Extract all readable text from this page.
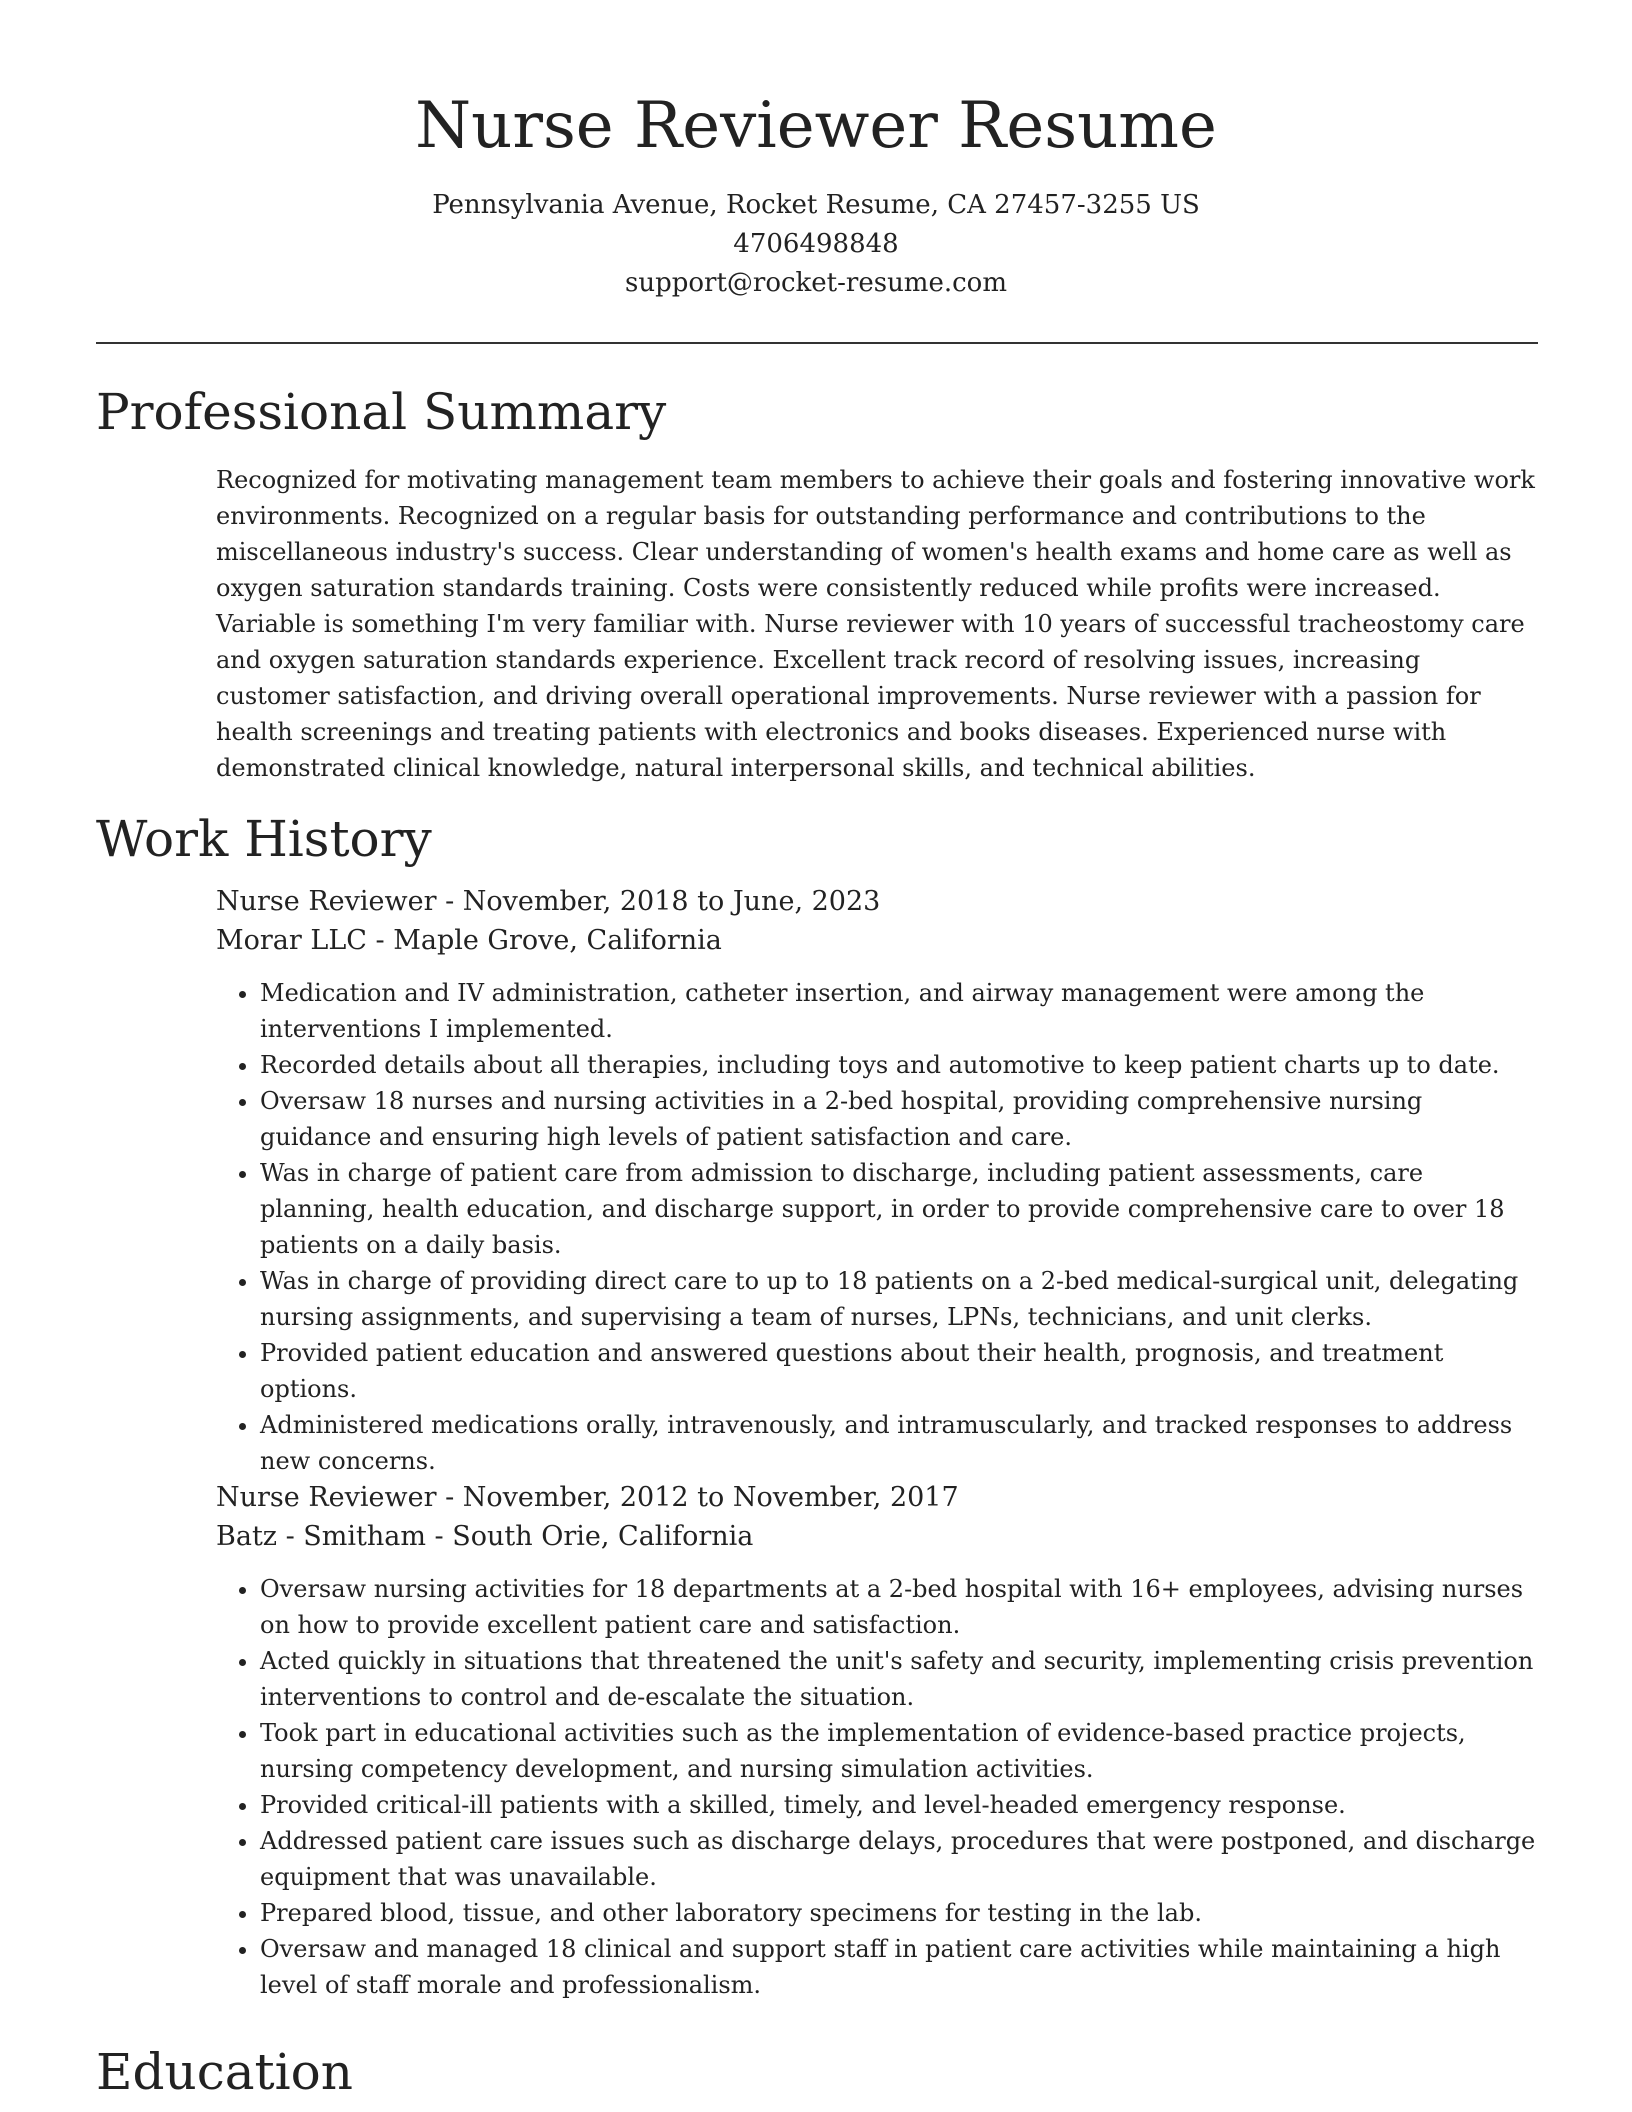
Nurse Reviewer Resume
Pennsylvania Avenue, Rocket Resume, CA 27457-3255 US
4706498848
support@rocket-resume.com
Professional Summary

Recognized for motivating management team members to achieve their goals and fostering innovative work environments. Recognized on a regular basis for outstanding performance and contributions to the miscellaneous industry's success. Clear understanding of women's health exams and home care as well as oxygen saturation standards training. Costs were consistently reduced while profits were increased. Variable is something I'm very familiar with. Nurse reviewer with 10 years of successful tracheostomy care and oxygen saturation standards experience. Excellent track record of resolving issues, increasing customer satisfaction, and driving overall operational improvements. Nurse reviewer with a passion for health screenings and treating patients with electronics and books diseases. Experienced nurse with demonstrated clinical knowledge, natural interpersonal skills, and technical abilities.

Work History
Nurse Reviewer - November, 2018 to June, 2023
Morar LLC - Maple Grove, California
• Medication and IV administration, catheter insertion, and airway management were among the interventions I implemented.
• Recorded details about all therapies, including toys and automotive to keep patient charts up to date.
• Oversaw 18 nurses and nursing activities in a 2-bed hospital, providing comprehensive nursing guidance and ensuring high levels of patient satisfaction and care.
• Was in charge of patient care from admission to discharge, including patient assessments, care planning, health education, and discharge support, in order to provide comprehensive care to over 18 patients on a daily basis.
• Was in charge of providing direct care to up to 18 patients on a 2-bed medical-surgical unit, delegating nursing assignments, and supervising a team of nurses, LPNs, technicians, and unit clerks.
• Provided patient education and answered questions about their health, prognosis, and treatment options.
• Administered medications orally, intravenously, and intramuscularly, and tracked responses to address new concerns.
Nurse Reviewer - November, 2012 to November, 2017
Batz - Smitham - South Orie, California
• Oversaw nursing activities for 18 departments at a 2-bed hospital with 16+ employees, advising nurses on how to provide excellent patient care and satisfaction.
• Acted quickly in situations that threatened the unit's safety and security, implementing crisis prevention interventions to control and de-escalate the situation.
• Took part in educational activities such as the implementation of evidence-based practice projects, nursing competency development, and nursing simulation activities.
• Provided critical-ill patients with a skilled, timely, and level-headed emergency response.
• Addressed patient care issues such as discharge delays, procedures that were postponed, and discharge equipment that was unavailable.
• Prepared blood, tissue, and other laboratory specimens for testing in the lab.
• Oversaw and managed 18 clinical and support staff in patient care activities while maintaining a high level of staff morale and professionalism.
Education
